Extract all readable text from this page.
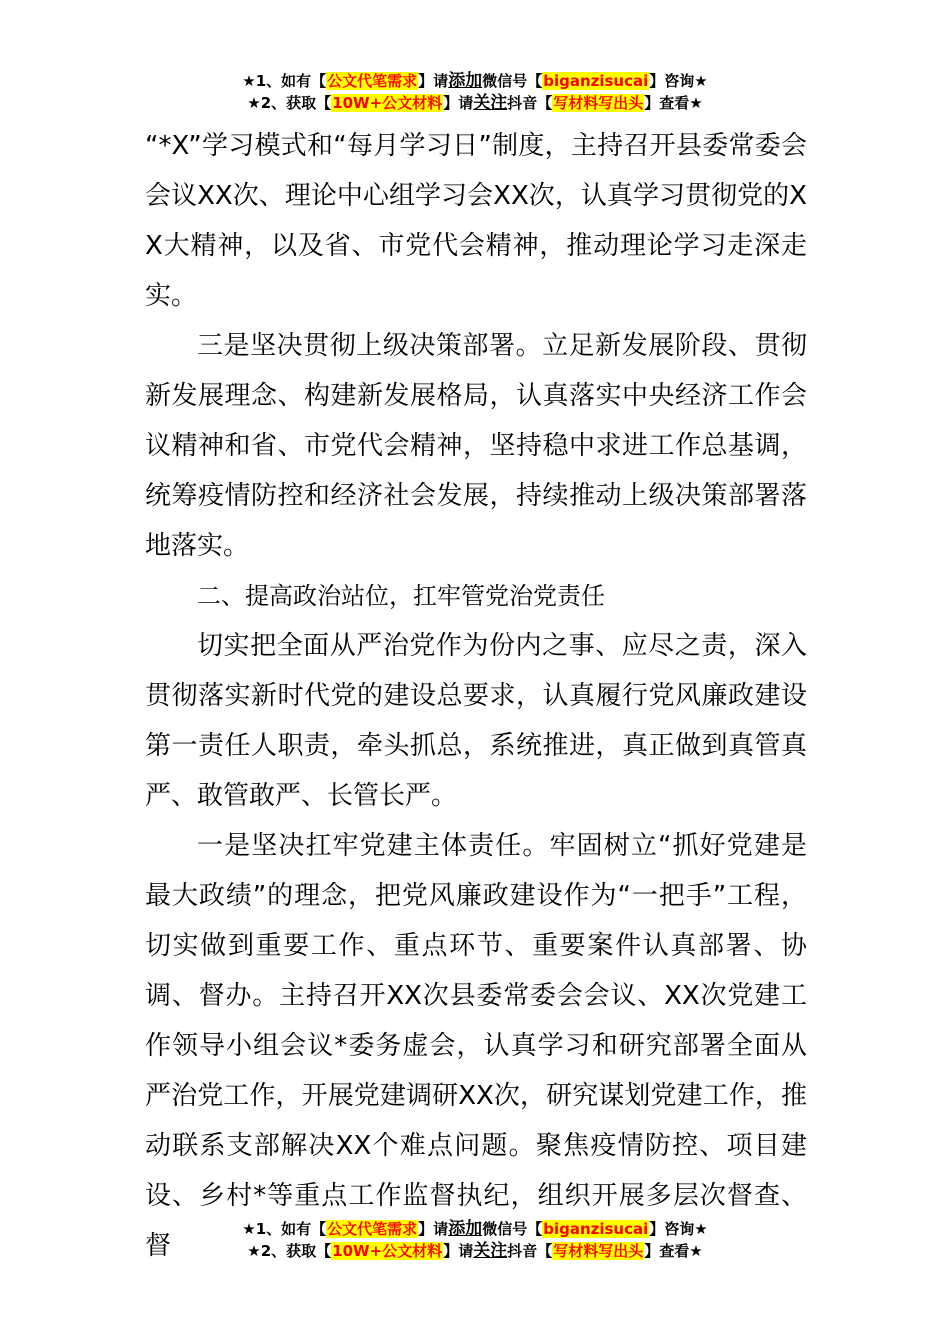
★1、如有【公文代笔需求】请添加微信号【biganzisucai】咨询★
★2、获取【10W+公文材料】请关注抖音【写材料写出头】查看★

“*X”学习模式和“每月学习日”制度，主持召开县委常委会会议XX次、理论中心组学习会XX次，认真学习贯彻党的XX大精神，以及省、市党代会精神，推动理论学习走深走实。

三是坚决贯彻上级决策部署。立足新发展阶段、贯彻新发展理念、构建新发展格局，认真落实中央经济工作会议精神和省、市党代会精神，坚持稳中求进工作总基调，统筹疫情防控和经济社会发展，持续推动上级决策部署落地落实。

二、提高政治站位，扛牢管党治党责任

切实把全面从严治党作为份内之事、应尽之责，深入贯彻落实新时代党的建设总要求，认真履行党风廉政建设第一责任人职责，牵头抓总，系统推进，真正做到真管真严、敢管敢严、长管长严。

一是坚决扛牢党建主体责任。牢固树立“抓好党建是最大政绩”的理念，把党风廉政建设作为“一把手”工程，切实做到重要工作、重点环节、重要案件认真部署、协调、督办。主持召开XX次县委常委会会议、XX次党建工作领导小组会议*委务虚会，认真学习和研究部署全面从严治党工作，开展党建调研XX次，研究谋划党建工作，推动联系支部解决XX个难点问题。聚焦疫情防控、项目建设、乡村*等重点工作监督执纪，组织开展多层次督查、督

★1、如有【公文代笔需求】请添加微信号【biganzisucai】咨询★
★2、获取【10W+公文材料】请关注抖音【写材料写出头】查看★
